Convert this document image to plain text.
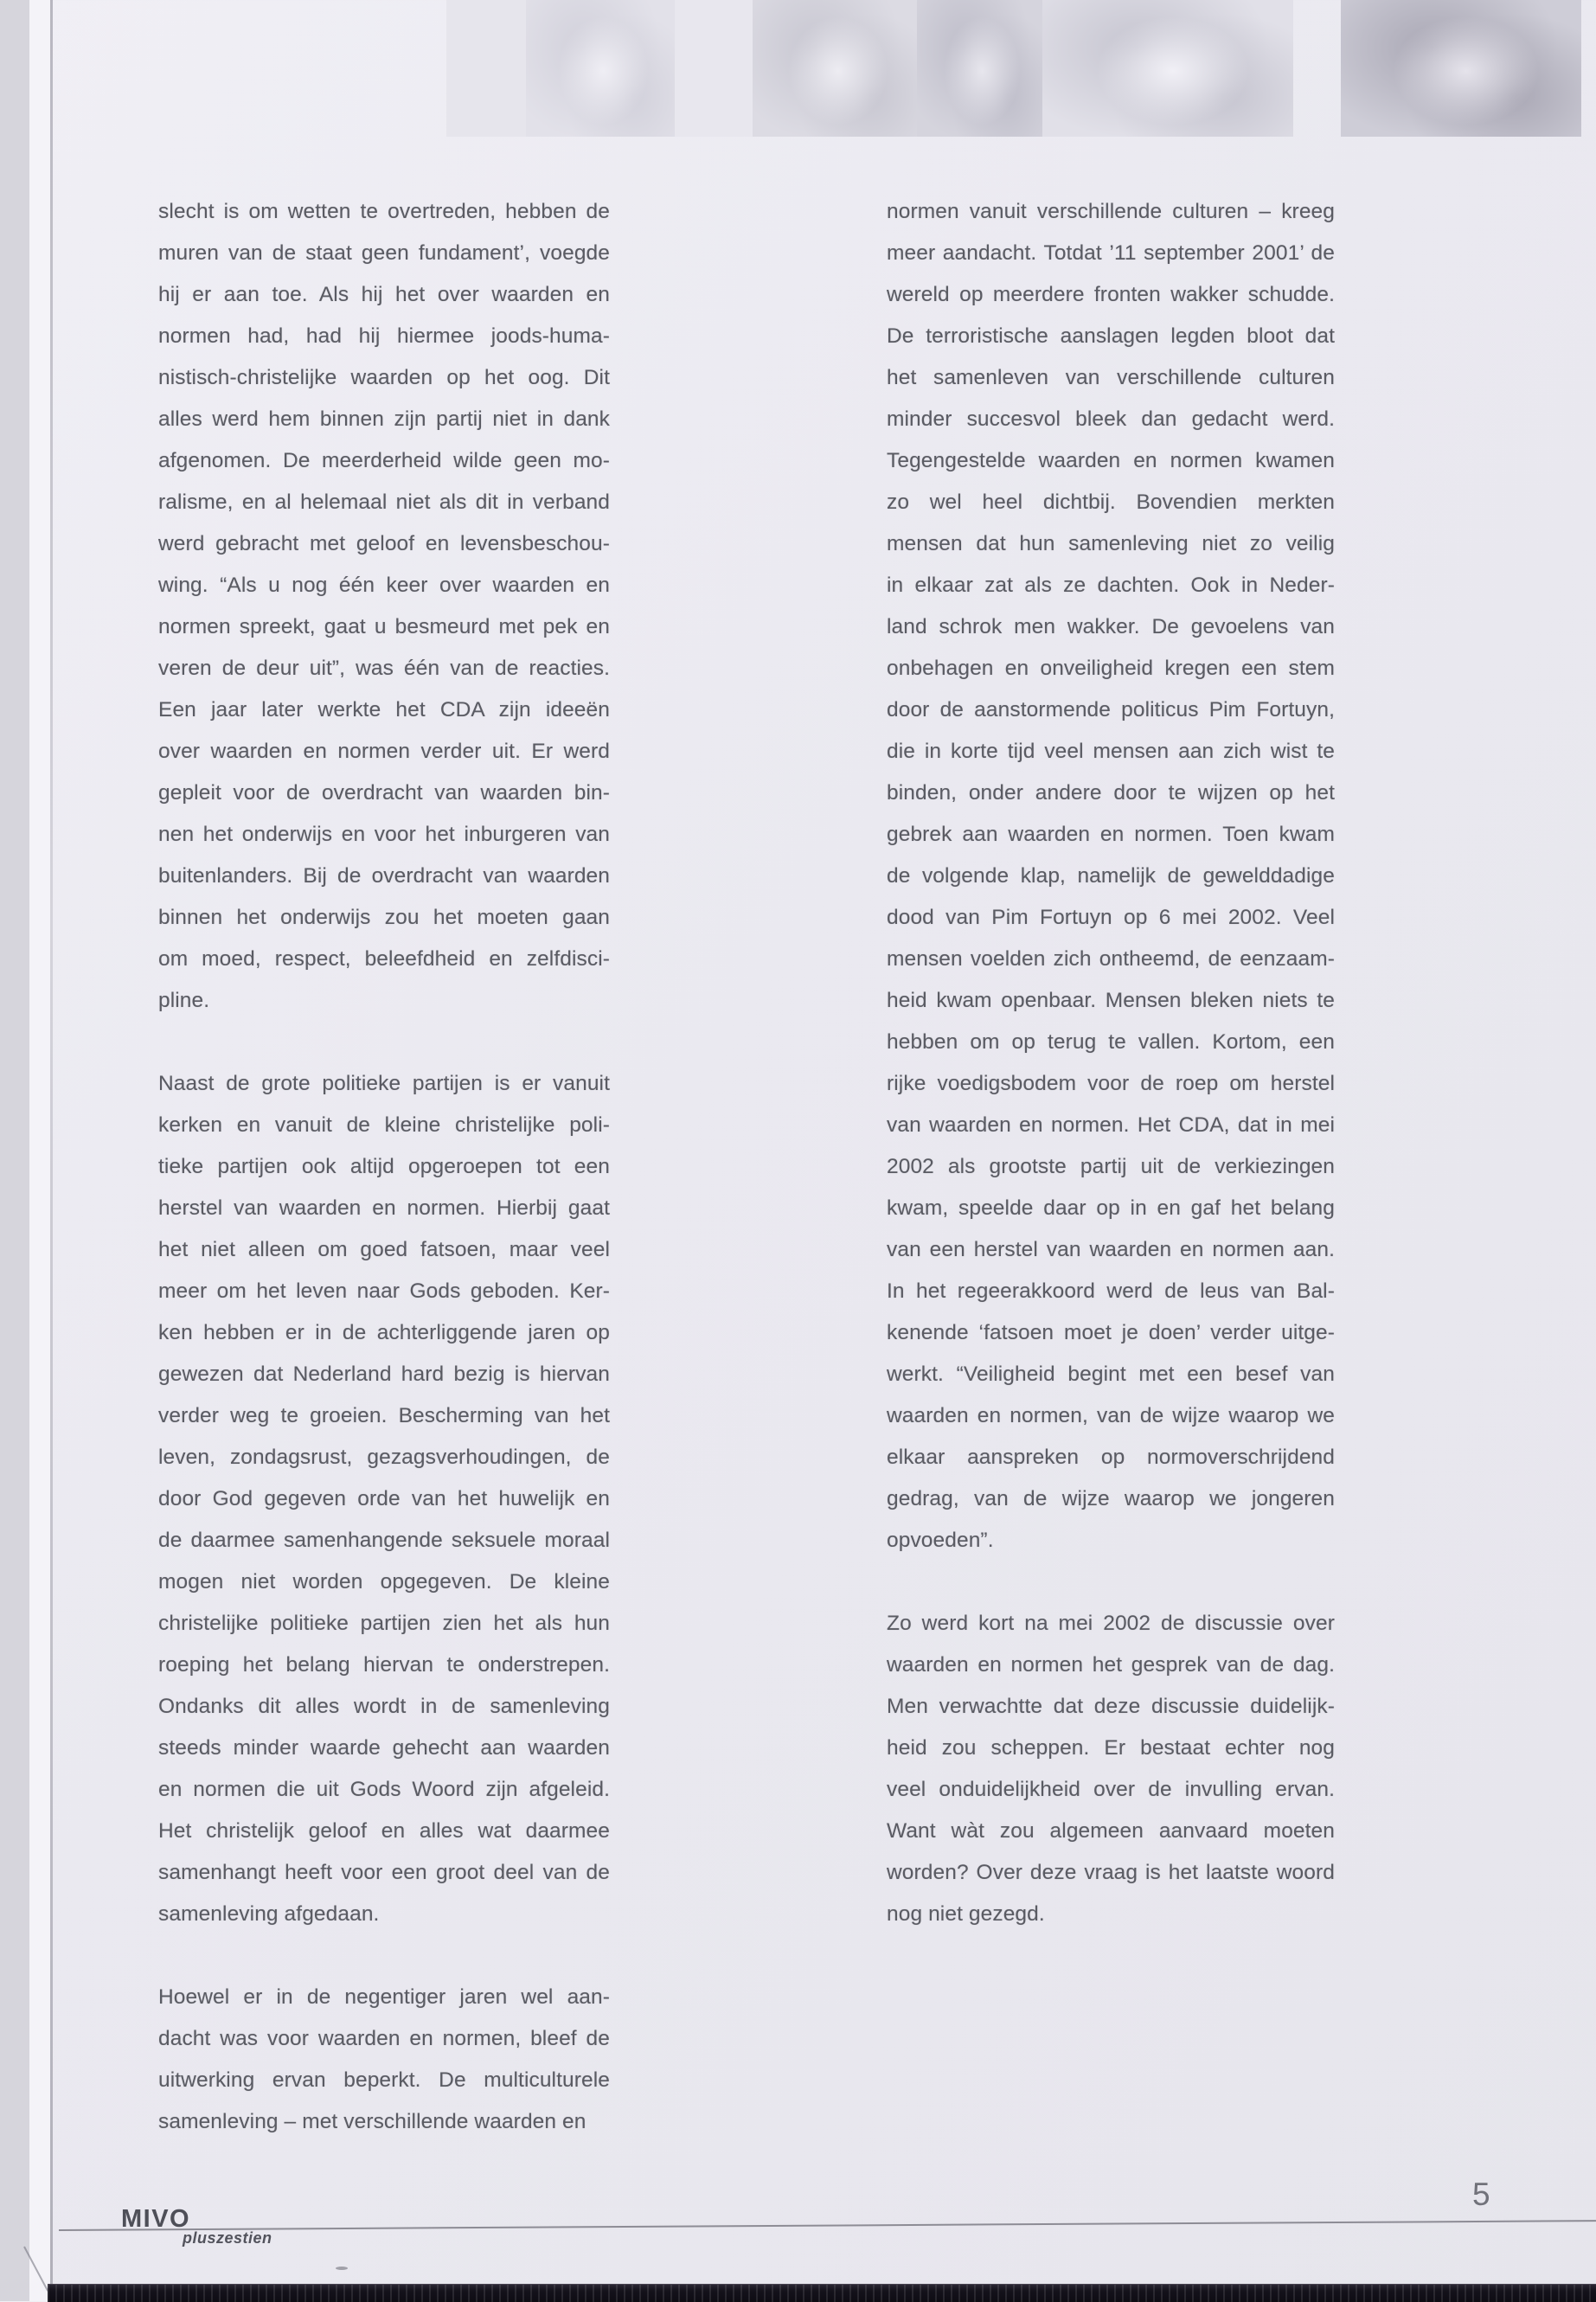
slecht is om wetten te overtreden, hebben de
muren van de staat geen fundament’, voegde
hij er aan toe. Als hij het over waarden en
normen had, had hij hiermee joods-huma-
nistisch-christelijke waarden op het oog. Dit
alles werd hem binnen zijn partij niet in dank
afgenomen. De meerderheid wilde geen mo-
ralisme, en al helemaal niet als dit in verband
werd gebracht met geloof en levensbeschou-
wing. “Als u nog één keer over waarden en
normen spreekt, gaat u besmeurd met pek en
veren de deur uit”, was één van de reacties.
Een jaar later werkte het CDA zijn ideeën
over waarden en normen verder uit. Er werd
gepleit voor de overdracht van waarden bin-
nen het onderwijs en voor het inburgeren van
buitenlanders. Bij de overdracht van waarden
binnen het onderwijs zou het moeten gaan
om moed, respect, beleefdheid en zelfdisci-
pline.
Naast de grote politieke partijen is er vanuit
kerken en vanuit de kleine christelijke poli-
tieke partijen ook altijd opgeroepen tot een
herstel van waarden en normen. Hierbij gaat
het niet alleen om goed fatsoen, maar veel
meer om het leven naar Gods geboden. Ker-
ken hebben er in de achterliggende jaren op
gewezen dat Nederland hard bezig is hiervan
verder weg te groeien. Bescherming van het
leven, zondagsrust, gezagsverhoudingen, de
door God gegeven orde van het huwelijk en
de daarmee samenhangende seksuele moraal
mogen niet worden opgegeven. De kleine
christelijke politieke partijen zien het als hun
roeping het belang hiervan te onderstrepen.
Ondanks dit alles wordt in de samenleving
steeds minder waarde gehecht aan waarden
en normen die uit Gods Woord zijn afgeleid.
Het christelijk geloof en alles wat daarmee
samenhangt heeft voor een groot deel van de
samenleving afgedaan.
Hoewel er in de negentiger jaren wel aan-
dacht was voor waarden en normen, bleef de
uitwerking ervan beperkt. De multiculturele
samenleving – met verschillende waarden en
normen vanuit verschillende culturen – kreeg
meer aandacht. Totdat ’11 september 2001’ de
wereld op meerdere fronten wakker schudde.
De terroristische aanslagen legden bloot dat
het samenleven van verschillende culturen
minder succesvol bleek dan gedacht werd.
Tegengestelde waarden en normen kwamen
zo wel heel dichtbij. Bovendien merkten
mensen dat hun samenleving niet zo veilig
in elkaar zat als ze dachten. Ook in Neder-
land schrok men wakker. De gevoelens van
onbehagen en onveiligheid kregen een stem
door de aanstormende politicus Pim Fortuyn,
die in korte tijd veel mensen aan zich wist te
binden, onder andere door te wijzen op het
gebrek aan waarden en normen. Toen kwam
de volgende klap, namelijk de gewelddadige
dood van Pim Fortuyn op 6 mei 2002. Veel
mensen voelden zich ontheemd, de eenzaam-
heid kwam openbaar. Mensen bleken niets te
hebben om op terug te vallen. Kortom, een
rijke voedigsbodem voor de roep om herstel
van waarden en normen. Het CDA, dat in mei
2002 als grootste partij uit de verkiezingen
kwam, speelde daar op in en gaf het belang
van een herstel van waarden en normen aan.
In het regeerakkoord werd de leus van Bal-
kenende ‘fatsoen moet je doen’ verder uitge-
werkt. “Veiligheid begint met een besef van
waarden en normen, van de wijze waarop we
elkaar aanspreken op normoverschrijdend
gedrag, van de wijze waarop we jongeren
opvoeden”.
Zo werd kort na mei 2002 de discussie over
waarden en normen het gesprek van de dag.
Men verwachtte dat deze discussie duidelijk-
heid zou scheppen. Er bestaat echter nog
veel onduidelijkheid over de invulling ervan.
Want wàt zou algemeen aanvaard moeten
worden? Over deze vraag is het laatste woord
nog niet gezegd.
MIVO
pluszestien
5
